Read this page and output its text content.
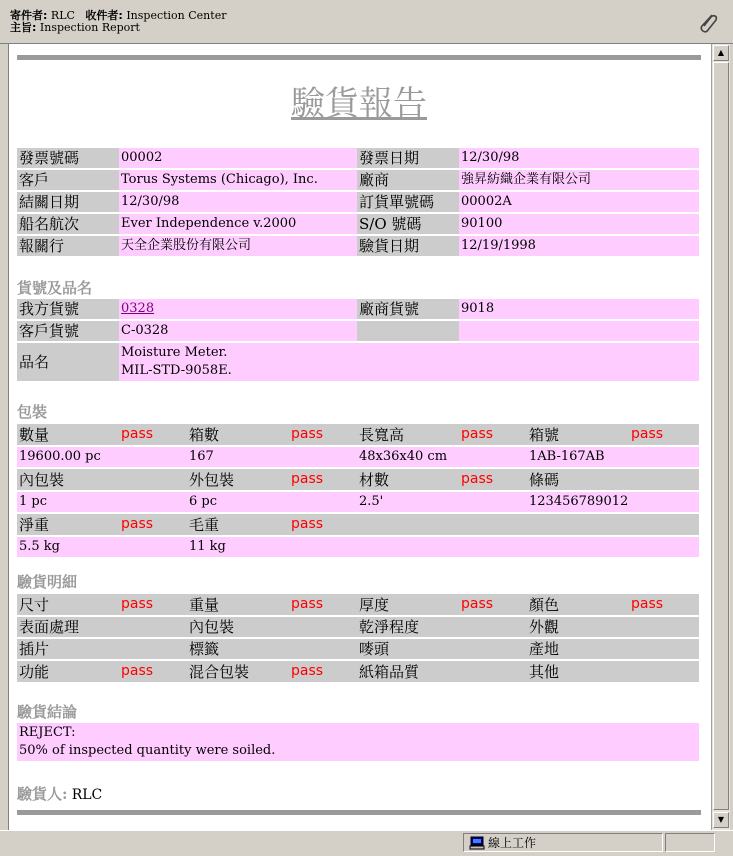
寄件者: RLC 收件者: Inspection Center
主旨: Inspection Report
驗貨報告
發票號碼	00002	發票日期	12/30/98
客戶	Torus Systems (Chicago), Inc.	廠商	強昇紡織企業有限公司
結關日期	12/30/98	訂貨單號碼	00002A
船名航次	Ever Independence v.2000	S/O 號碼	90100
報關行	天全企業股份有限公司	驗貨日期	12/19/1998
貨號及品名
我方貨號	0328	廠商貨號	9018
客戶貨號	C-0328		
品名	Moisture Meter.
MIL-STD-9058E.		
包裝
數量	pass	箱數	pass	長寬高	pass	箱號	pass
19600.00 pc		167		48x36x40 cm		1AB-167AB	
內包裝		外包裝	pass	材數	pass	條碼	
1 pc		6 pc		2.5'		123456789012	
淨重	pass	毛重	pass				
5.5 kg		11 kg					
驗貨明細
尺寸	pass	重量	pass	厚度	pass	顏色	pass
表面處理		內包裝		乾淨程度		外觀	
插片		標籤		嘜頭		產地	
功能	pass	混合包裝	pass	紙箱品質		其他	
驗貨結論
REJECT:
50% of inspected quantity were soiled.
驗貨人: RLC
▲
▼
線上工作
